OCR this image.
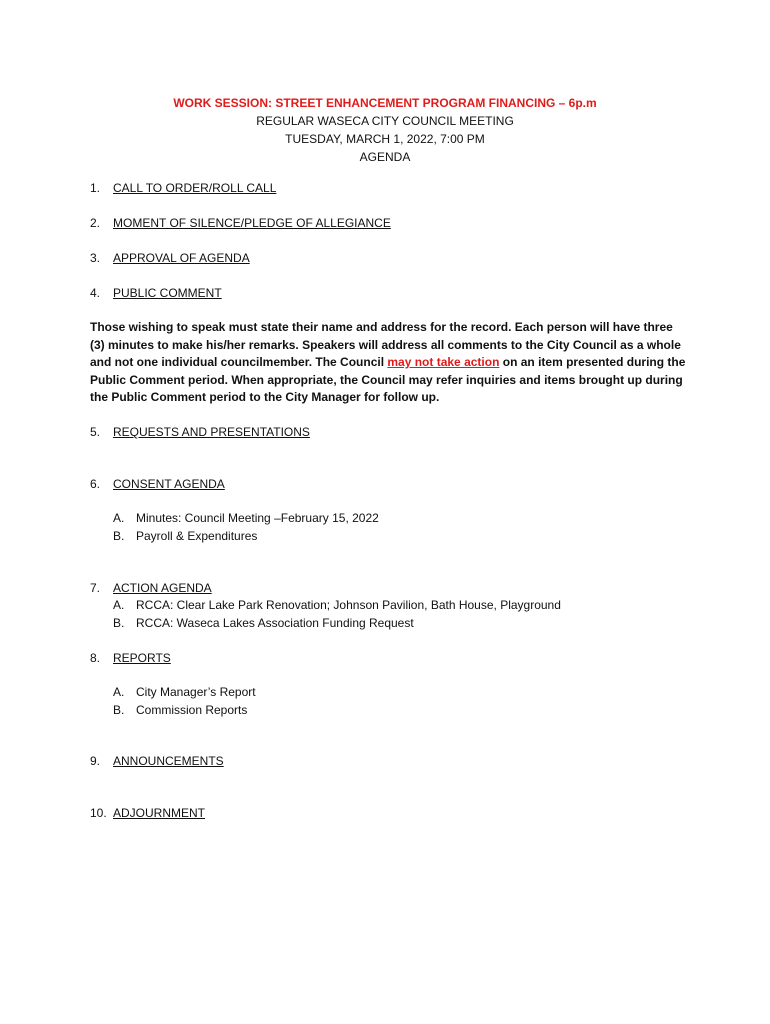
WORK SESSION: STREET ENHANCEMENT PROGRAM FINANCING – 6p.m
REGULAR WASECA CITY COUNCIL MEETING
TUESDAY, MARCH 1, 2022, 7:00 PM
AGENDA
1. CALL TO ORDER/ROLL CALL
2. MOMENT OF SILENCE/PLEDGE OF ALLEGIANCE
3. APPROVAL OF AGENDA
4. PUBLIC COMMENT
Those wishing to speak must state their name and address for the record. Each person will have three (3) minutes to make his/her remarks. Speakers will address all comments to the City Council as a whole and not one individual councilmember. The Council may not take action on an item presented during the Public Comment period. When appropriate, the Council may refer inquiries and items brought up during the Public Comment period to the City Manager for follow up.
5. REQUESTS AND PRESENTATIONS
6. CONSENT AGENDA
A. Minutes: Council Meeting –February 15, 2022
B. Payroll & Expenditures
7. ACTION AGENDA
A. RCCA: Clear Lake Park Renovation; Johnson Pavilion, Bath House, Playground
B. RCCA: Waseca Lakes Association Funding Request
8. REPORTS
A. City Manager’s Report
B. Commission Reports
9. ANNOUNCEMENTS
10. ADJOURNMENT
